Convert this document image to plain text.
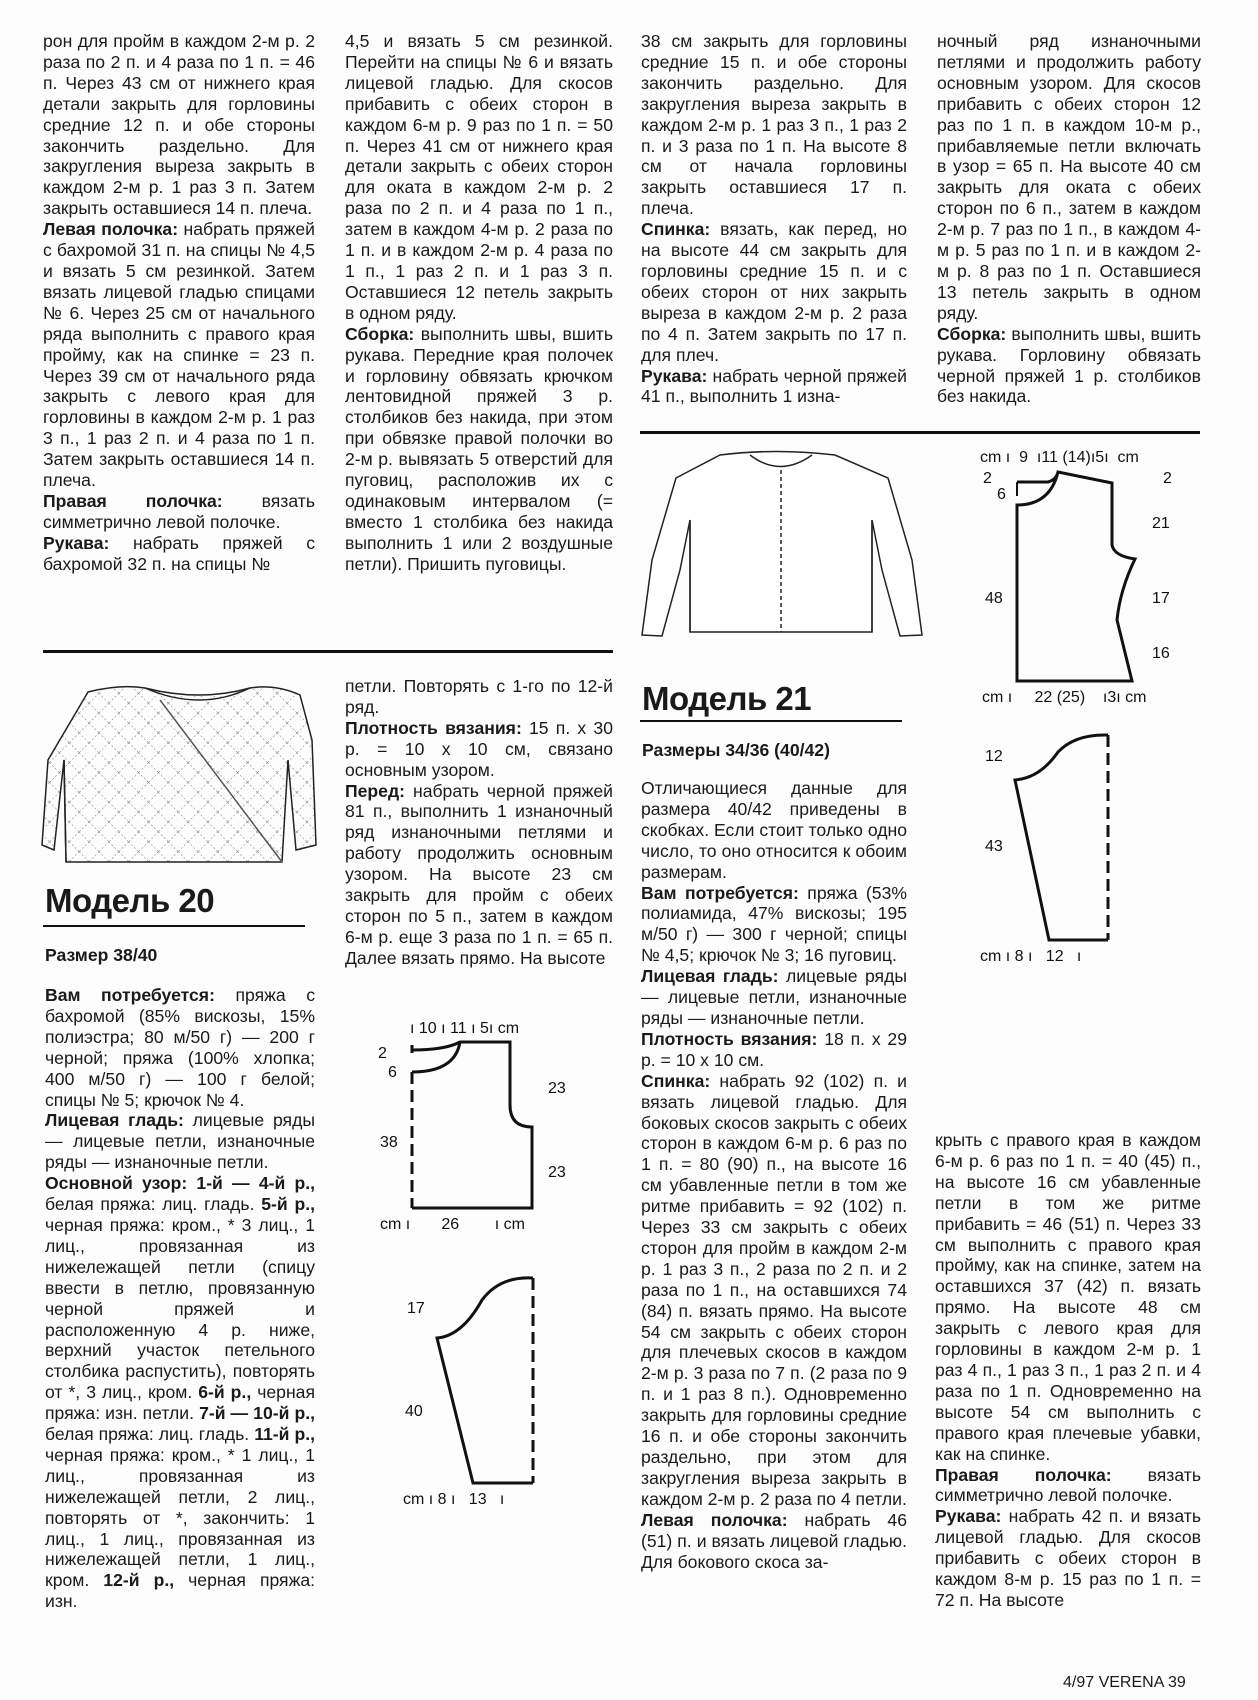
рон для пройм в каждом 2-м р. 2 раза по 2 п. и 4 раза по 1 п. = 46 п. Через 43 см от нижнего края детали закрыть для горловины средние 12 п. и обе стороны закончить раздельно. Для закругления выреза закрыть в каждом 2-м р. 1 раз 3 п. Затем закрыть оставшиеся 14 п. плеча.

Левая полочка: набрать пряжей с бахромой 31 п. на спицы № 4,5 и вязать 5 см резинкой. Затем вязать лицевой гладью спицами № 6. Через 25 см от начального ряда выполнить с правого края пройму, как на спинке = 23 п. Через 39 см от начального ряда закрыть с левого края для горловины в каждом 2-м р. 1 раз 3 п., 1 раз 2 п. и 4 раза по 1 п. Затем закрыть оставшиеся 14 п. плеча.

Правая полочка: вязать симметрично левой полочке.

Рукава: набрать пряжей с бахромой 32 п. на спицы №

4,5 и вязать 5 см резинкой. Перейти на спицы № 6 и вязать лицевой гладью. Для скосов прибавить с обеих сторон в каждом 6-м р. 9 раз по 1 п. = 50 п. Через 41 см от нижнего края детали закрыть с обеих сторон для оката в каждом 2-м р. 2 раза по 2 п. и 4 раза по 1 п., затем в каждом 4-м р. 2 раза по 1 п. и в каждом 2-м р. 4 раза по 1 п., 1 раз 2 п. и 1 раз 3 п. Оставшиеся 12 петель закрыть в одном ряду.

Сборка: выполнить швы, вшить рукава. Передние края полочек и горловину обвязать крючком лентовидной пряжей 3 р. столбиков без накида, при этом при обвязке правой полочки во 2-м р. вывязать 5 отверстий для пуговиц, расположив их с одинаковым интервалом (= вместо 1 столбика без накида выполнить 1 или 2 воздушные петли). Пришить пуговицы.

38 см закрыть для горловины средние 15 п. и обе стороны закончить раздельно. Для закругления выреза закрыть в каждом 2-м р. 1 раз 3 п., 1 раз 2 п. и 3 раза по 1 п. На высоте 8 см от начала горловины закрыть оставшиеся 17 п. плеча.

Спинка: вязать, как перед, но на высоте 44 см закрыть для горловины средние 15 п. и с обеих сторон от них закрыть выреза в каждом 2-м р. 2 раза по 4 п. Затем закрыть по 17 п. для плеч.

Рукава: набрать черной пряжей 41 п., выполнить 1 изна-

ночный ряд изнаночными петлями и продолжить работу основным узором. Для скосов прибавить с обеих сторон 12 раз по 1 п. в каждом 10-м р., прибавляемые петли включать в узор = 65 п. На высоте 40 см закрыть для оката с обеих сторон по 6 п., затем в каждом 2-м р. 7 раз по 1 п., в каждом 4-м р. 5 раз по 1 п. и в каждом 2-м р. 8 раз по 1 п. Оставшиеся 13 петель закрыть в одном ряду.

Сборка: выполнить швы, вшить рукава. Горловину обвязать черной пряжей 1 р. столбиков без накида.

Модель 20
Размер 38/40

Вам потребуется: пряжа с бахромой (85% вискозы, 15% полиэстра; 80 м/50 г) — 200 г черной; пряжа (100% хлопка; 400 м/50 г) — 100 г белой; спицы № 5; крючок № 4.

Лицевая гладь: лицевые ряды — лицевые петли, изнаночные ряды — изнаночные петли.

Основной узор: 1-й — 4-й р., белая пряжа: лиц. гладь. 5-й р., черная пряжа: кром., * 3 лиц., 1 лиц., провязанная из нижележащей петли (спицу ввести в петлю, провязанную черной пряжей и расположенную 4 р. ниже, верхний участок петельного столбика распустить), повторять от *, 3 лиц., кром. 6-й р., черная пряжа: изн. петли. 7-й — 10-й р., белая пряжа: лиц. гладь. 11-й р., черная пряжа: кром., * 1 лиц., 1 лиц., провязанная из нижележащей петли, 2 лиц., повторять от *, закончить: 1 лиц., 1 лиц., провязанная из нижележащей петли, 1 лиц., кром. 12-й р., черная пряжа: изн.

петли. Повторять с 1-го по 12-й ряд.

Плотность вязания: 15 п. x 30 р. = 10 x 10 см, связано основным узором.

Перед: набрать черной пряжей 81 п., выполнить 1 изнаночный ряд изнаночными петлями и работу продолжить основным узором. На высоте 23 см закрыть для пройм с обеих сторон по 5 п., затем в каждом 6-м р. еще 3 раза по 1 п. = 65 п. Далее вязать прямо. На высоте

Модель 21
Размеры 34/36 (40/42)

Отличающиеся данные для размера 40/42 приведены в скобках. Если стоит только одно число, то оно относится к обоим размерам.

Вам потребуется: пряжа (53% полиамида, 47% вискозы; 195 м/50 г) — 300 г черной; спицы № 4,5; крючок № 3; 16 пуговиц.

Лицевая гладь: лицевые ряды — лицевые петли, изнаночные ряды — изнаночные петли.

Плотность вязания: 18 п. x 29 р. = 10 x 10 см.

Спинка: набрать 92 (102) п. и вязать лицевой гладью. Для боковых скосов закрыть с обеих сторон в каждом 6-м р. 6 раз по 1 п. = 80 (90) п., на высоте 16 см убавленные петли в том же ритме прибавить = 92 (102) п. Через 33 см закрыть с обеих сторон для пройм в каждом 2-м р. 1 раз 3 п., 2 раза по 2 п. и 2 раза по 1 п., на оставшихся 74 (84) п. вязать прямо. На высоте 54 см закрыть с обеих сторон для плечевых скосов в каждом 2-м р. 3 раза по 7 п. (2 раза по 9 п. и 1 раз 8 п.). Одновременно закрыть для горловины средние 16 п. и обе стороны закончить раздельно, при этом для закругления выреза закрыть в каждом 2-м р. 2 раза по 4 петли.

Левая полочка: набрать 46 (51) п. и вязать лицевой гладью. Для бокового скоса за-

крыть с правого края в каждом 6-м р. 6 раз по 1 п. = 40 (45) п., на высоте 16 см убавленные петли в том же ритме прибавить = 46 (51) п. Через 33 см выполнить с правого края пройму, как на спинке, затем на оставшихся 37 (42) п. вязать прямо. На высоте 48 см закрыть с левого края для горловины в каждом 2-м р. 1 раз 4 п., 1 раз 3 п., 1 раз 2 п. и 4 раза по 1 п. Одновременно на высоте 54 см выполнить с правого края плечевые убавки, как на спинке.

Правая полочка: вязать симметрично левой полочке.

Рукава: набрать 42 п. и вязать лицевой гладью. Для скосов прибавить с обеих сторон в каждом 8-м р. 15 раз по 1 п. = 72 п. На высоте

ı 10 ı 11 ı 5ı cm
2
6
38
23
23
cm ı       26        ı cm
17
40
cm ı 8 ı   13   ı
cm ı  9  ı11 (14)ı5ı  cm
2
6
48
2
21
17
16
cm ı     22 (25)    ı3ı cm
12
43
cm ı 8 ı   12   ı
4/97 VERENA 39
